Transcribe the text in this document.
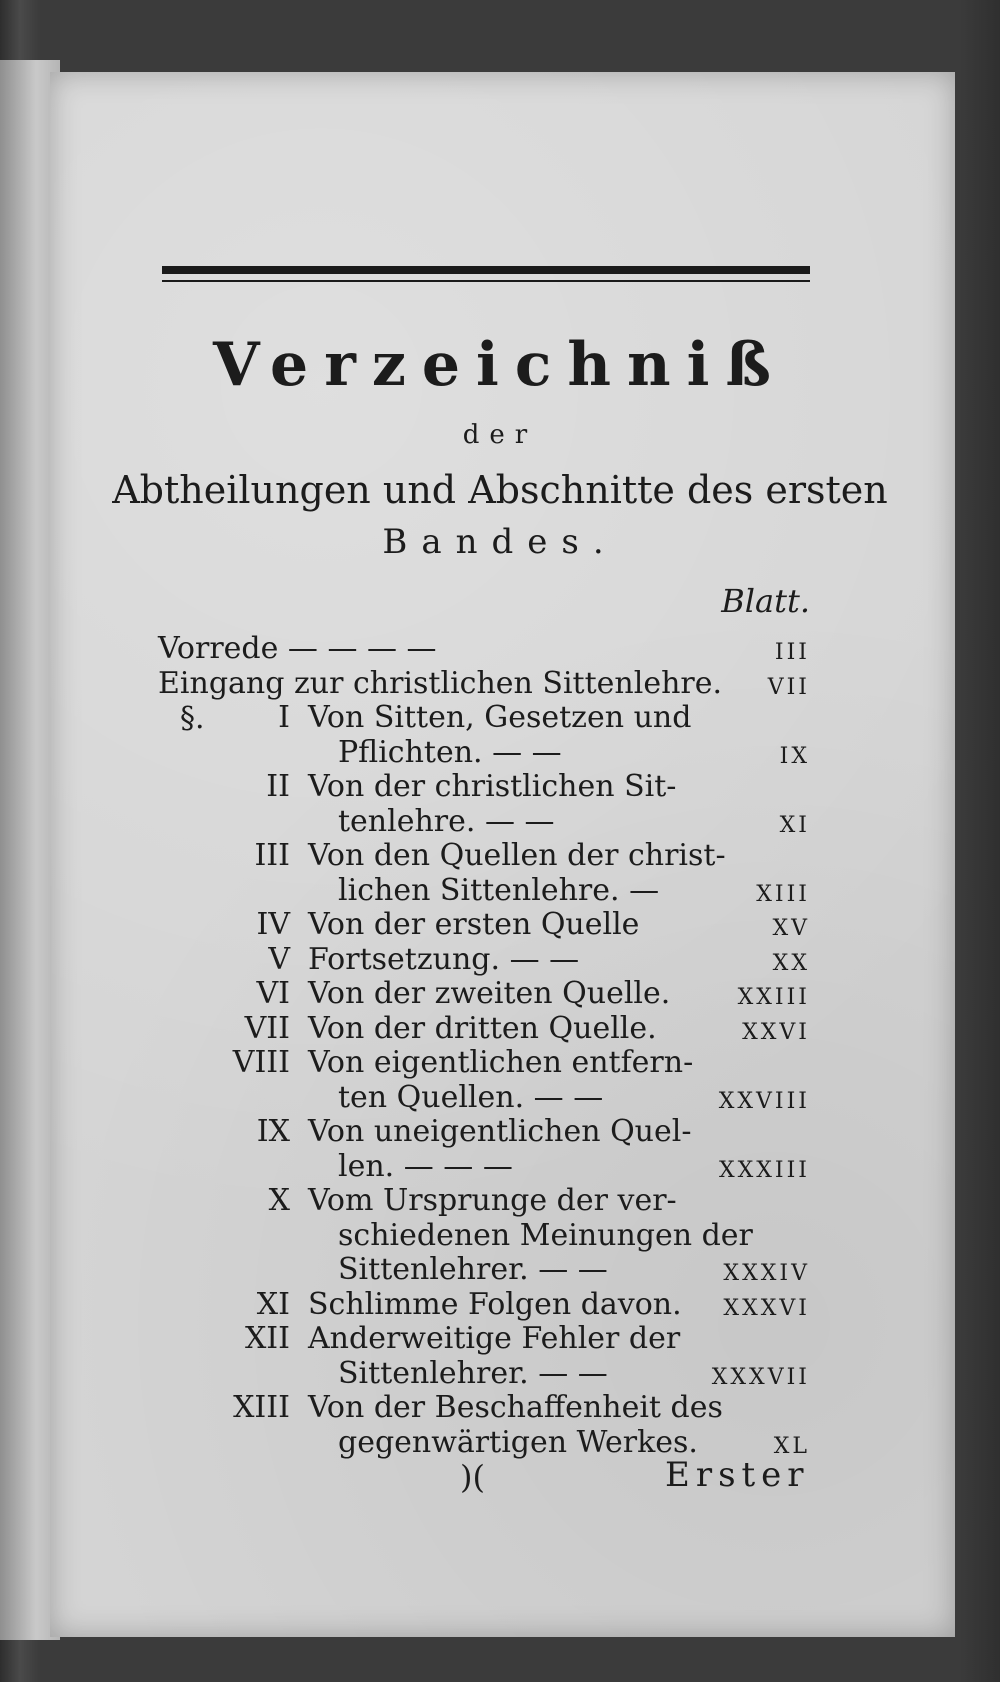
Verzeichniß
der
Abtheilungen und Abschnitte des ersten
Bandes.
Blatt.
Vorrede — — — —	III
Eingang zur christlichen Sittenlehre.	VII
§.	I Von Sitten, Gesetzen und
Pflichten. — —	IX
II Von der christlichen Sit-
tenlehre. — —	XI
III Von den Quellen der christ-
lichen Sittenlehre. —	XIII
IV Von der ersten Quelle	XV
V Fortsetzung. — —	XX
VI Von der zweiten Quelle.	XXIII
VII Von der dritten Quelle.	XXVI
VIII Von eigentlichen entfern-
ten Quellen. — —	XXVIII
IX Von uneigentlichen Quel-
len. — — —	XXXIII
X Vom Ursprunge der ver-
schiedenen Meinungen der
Sittenlehrer. — —	XXXIV
XI Schlimme Folgen davon.	XXXVI
XII Anderweitige Fehler der
Sittenlehrer. — —	XXXVII
XIII Von der Beschaffenheit des
gegenwärtigen Werkes.	XL
)(	Erster
